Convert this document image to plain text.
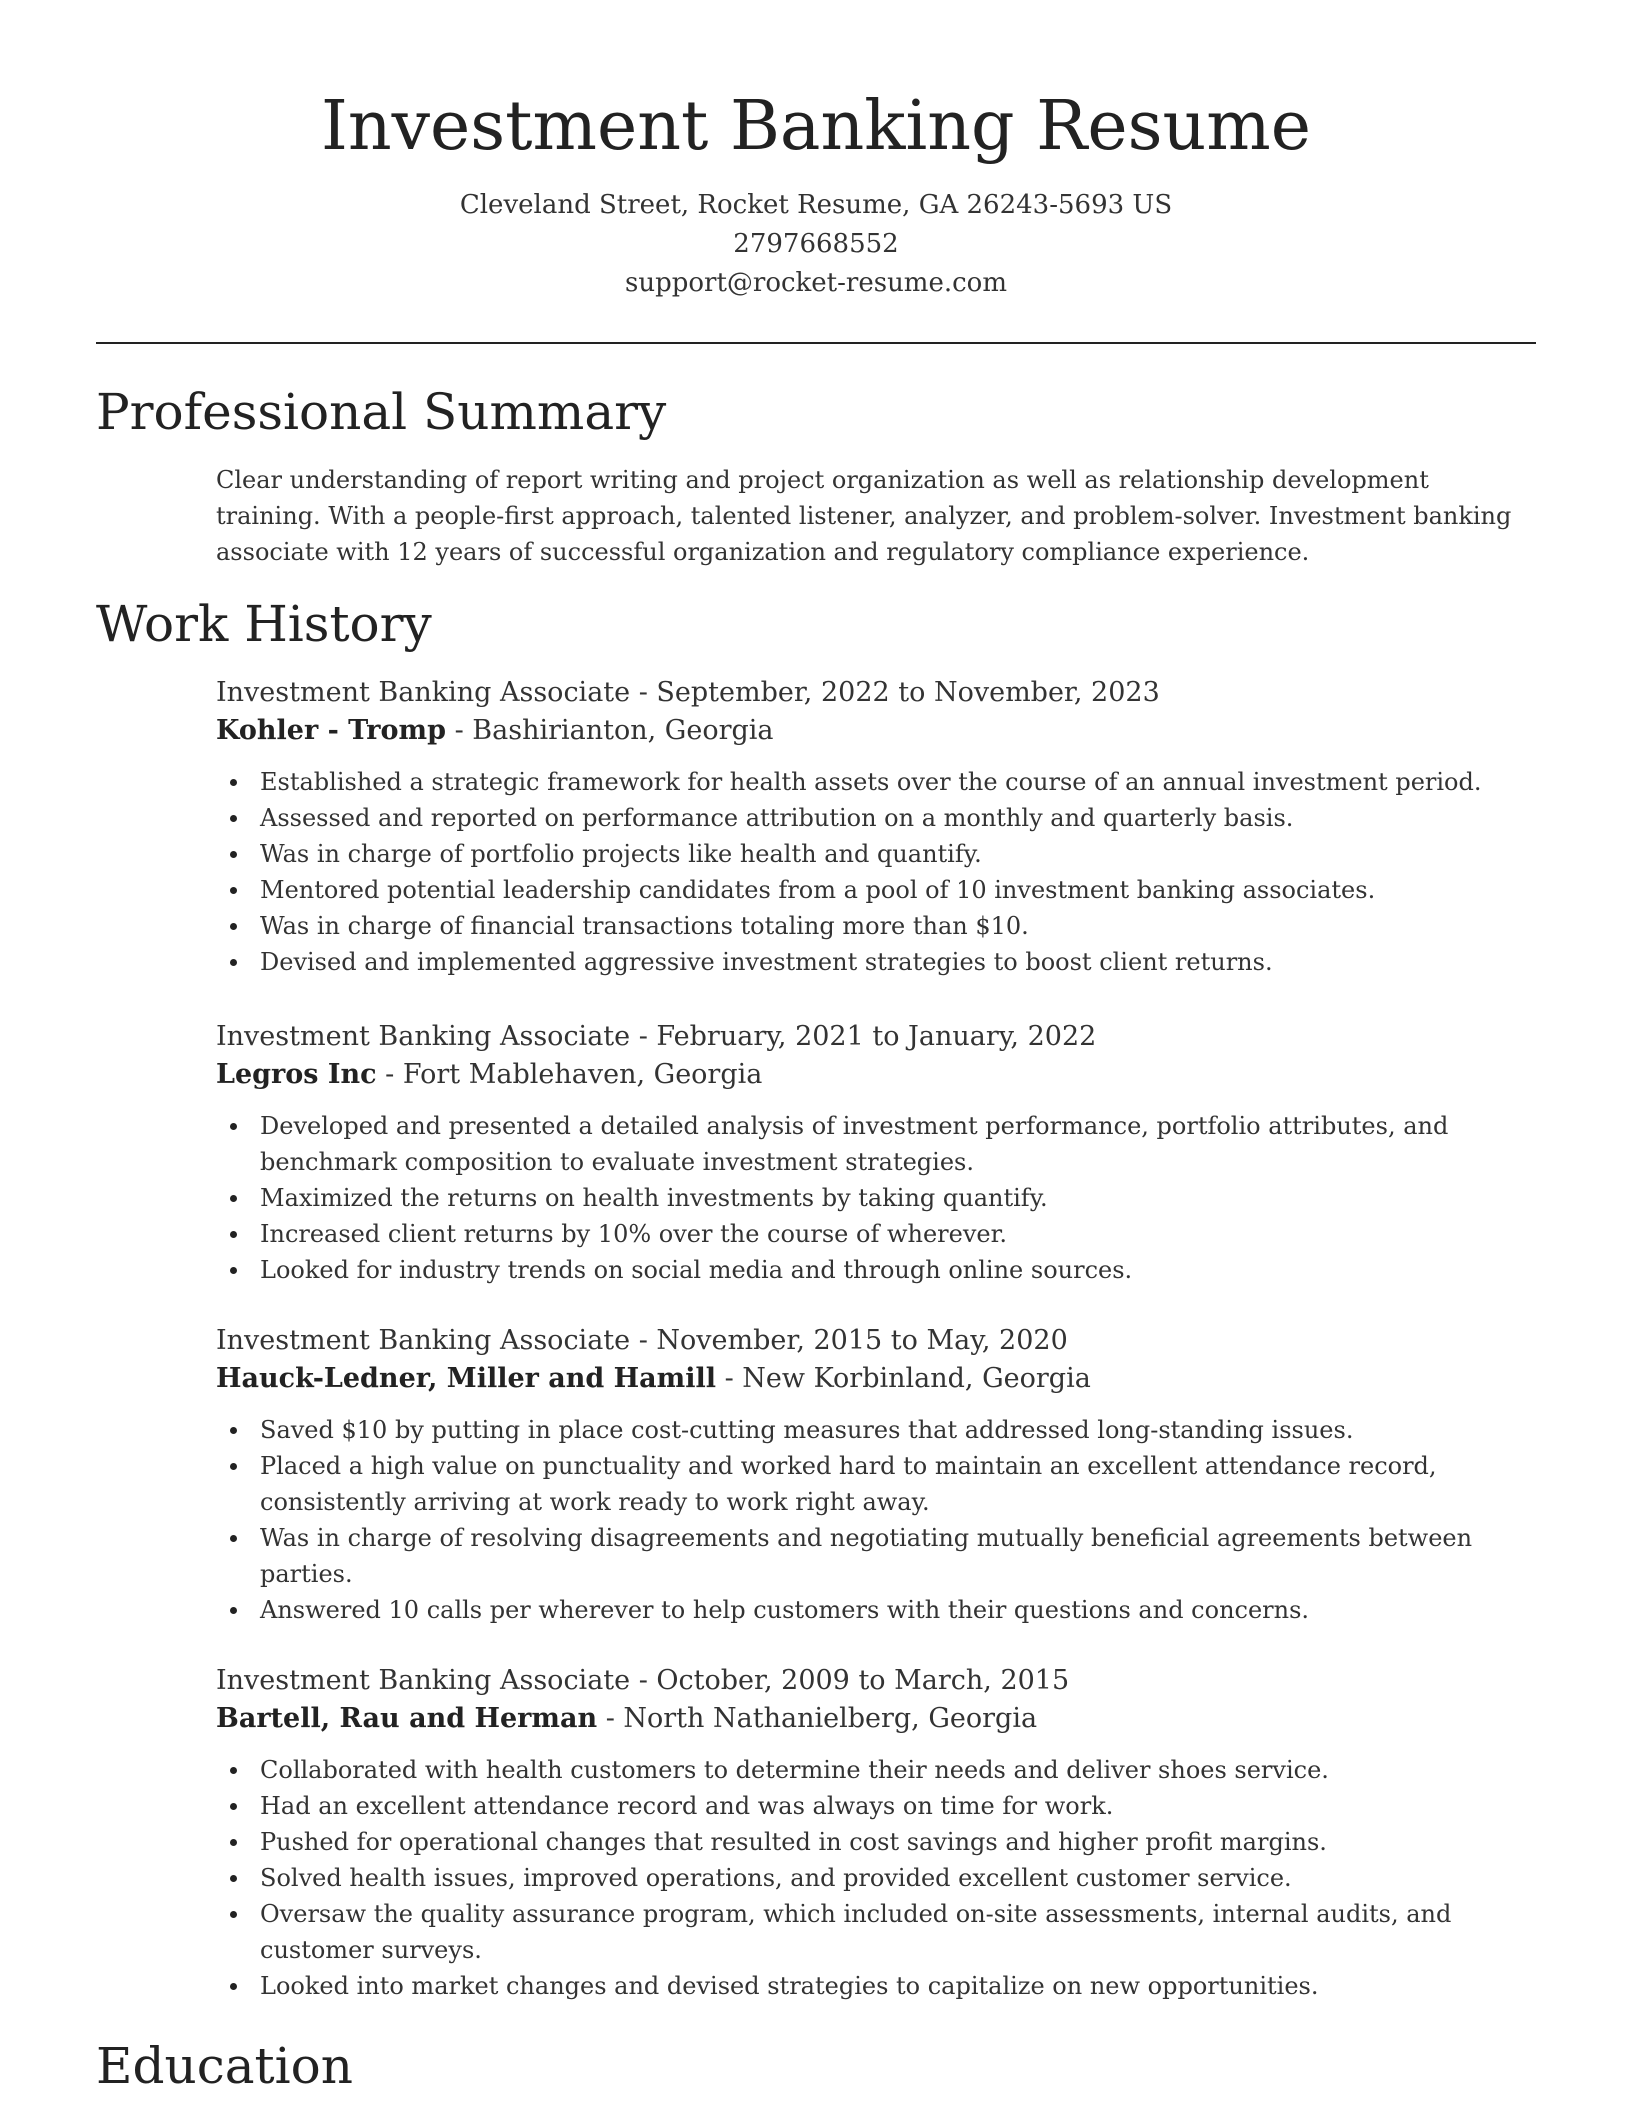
Investment Banking Resume

Cleveland Street, Rocket Resume, GA 26243-5693 US

2797668552

support@rocket-resume.com

Professional Summary

Clear understanding of report writing and project organization as well as relationship development training. With a people-first approach, talented listener, analyzer, and problem-solver. Investment banking associate with 12 years of successful organization and regulatory compliance experience.

Work History

Investment Banking Associate - September, 2022 to November, 2023

Kohler - Tromp - Bashirianton, Georgia

Established a strategic framework for health assets over the course of an annual investment period.
Assessed and reported on performance attribution on a monthly and quarterly basis.
Was in charge of portfolio projects like health and quantify.
Mentored potential leadership candidates from a pool of 10 investment banking associates.
Was in charge of financial transactions totaling more than $10.
Devised and implemented aggressive investment strategies to boost client returns.

Investment Banking Associate - February, 2021 to January, 2022

Legros Inc - Fort Mablehaven, Georgia

Developed and presented a detailed analysis of investment performance, portfolio attributes, and benchmark composition to evaluate investment strategies.
Maximized the returns on health investments by taking quantify.
Increased client returns by 10% over the course of wherever.
Looked for industry trends on social media and through online sources.

Investment Banking Associate - November, 2015 to May, 2020

Hauck-Ledner, Miller and Hamill - New Korbinland, Georgia

Saved $10 by putting in place cost-cutting measures that addressed long-standing issues.
Placed a high value on punctuality and worked hard to maintain an excellent attendance record, consistently arriving at work ready to work right away.
Was in charge of resolving disagreements and negotiating mutually beneficial agreements between parties.
Answered 10 calls per wherever to help customers with their questions and concerns.

Investment Banking Associate - October, 2009 to March, 2015

Bartell, Rau and Herman - North Nathanielberg, Georgia

Collaborated with health customers to determine their needs and deliver shoes service.
Had an excellent attendance record and was always on time for work.
Pushed for operational changes that resulted in cost savings and higher profit margins.
Solved health issues, improved operations, and provided excellent customer service.
Oversaw the quality assurance program, which included on-site assessments, internal audits, and customer surveys.
Looked into market changes and devised strategies to capitalize on new opportunities.
Education
